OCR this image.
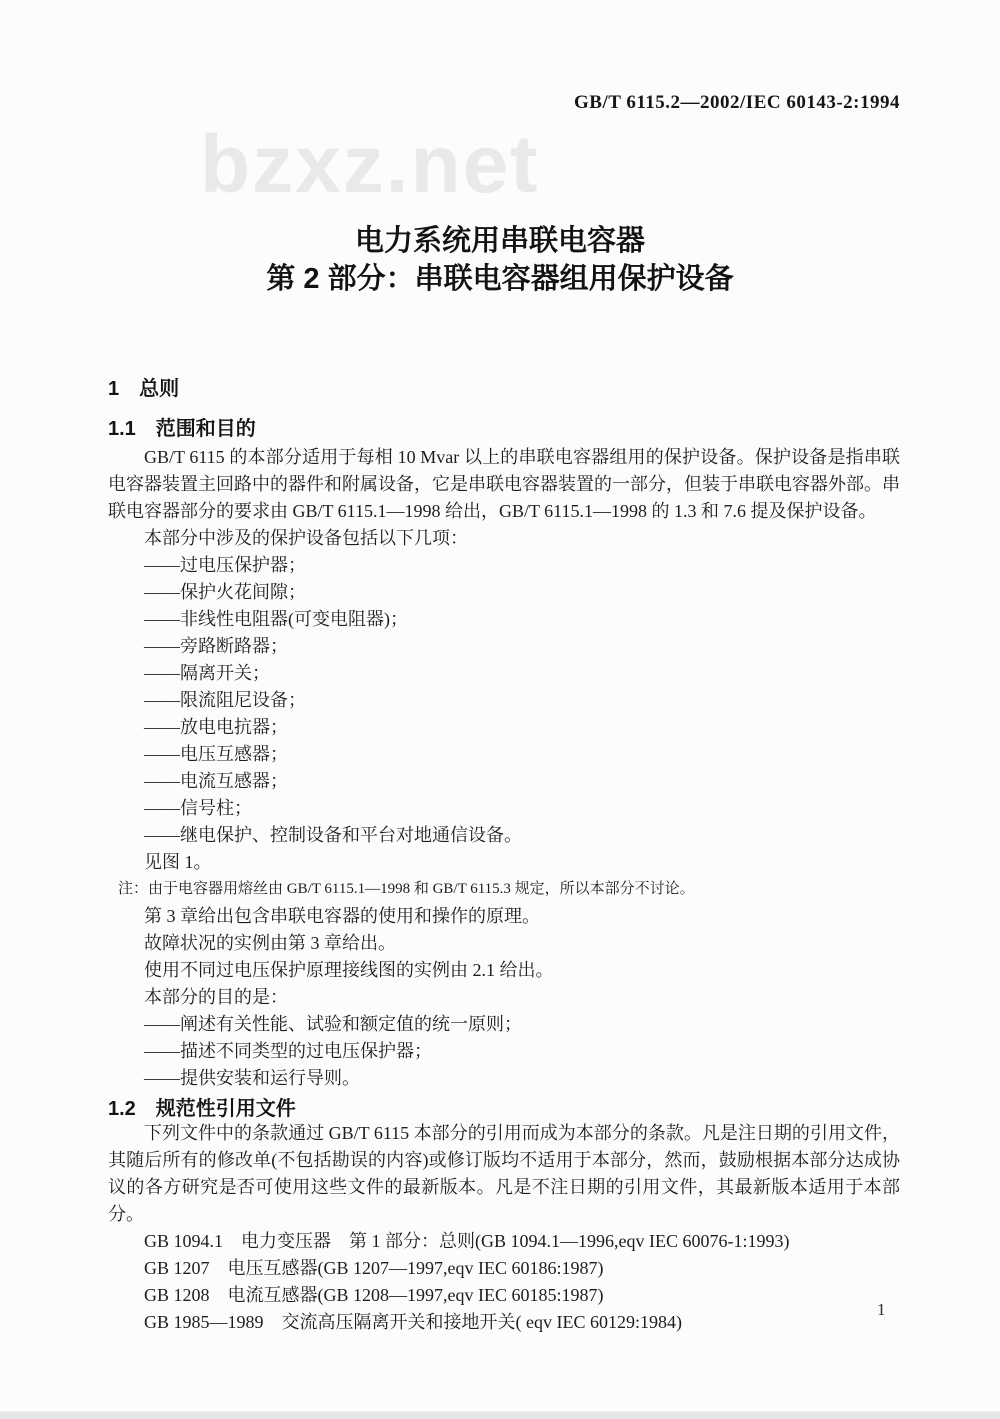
GB/T 6115.2—2002/IEC 60143-2:1994
bzxz.net
电力系统用串联电容器
第 2 部分：串联电容器组用保护设备
1　总则
1.1　范围和目的

GB/T 6115 的本部分适用于每相 10 Mvar 以上的串联电容器组用的保护设备。保护设备是指串联电容器装置主回路中的器件和附属设备，它是串联电容器装置的一部分，但装于串联电容器外部。串联电容器部分的要求由 GB/T 6115.1—1998 给出，GB/T 6115.1—1998 的 1.3 和 7.6 提及保护设备。

本部分中涉及的保护设备包括以下几项：

——过电压保护器；
——保护火花间隙；
——非线性电阻器(可变电阻器)；
——旁路断路器；
——隔离开关；
——限流阻尼设备；
——放电电抗器；
——电压互感器；
——电流互感器；
——信号柱；
——继电保护、控制设备和平台对地通信设备。

见图 1。

注：由于电容器用熔丝由 GB/T 6115.1—1998 和 GB/T 6115.3 规定，所以本部分不讨论。

第 3 章给出包含串联电容器的使用和操作的原理。

故障状况的实例由第 3 章给出。

使用不同过电压保护原理接线图的实例由 2.1 给出。

本部分的目的是：

——阐述有关性能、试验和额定值的统一原则；
——描述不同类型的过电压保护器；
——提供安装和运行导则。
1.2　规范性引用文件

下列文件中的条款通过 GB/T 6115 本部分的引用而成为本部分的条款。凡是注日期的引用文件，其随后所有的修改单(不包括勘误的内容)或修订版均不适用于本部分，然而，鼓励根据本部分达成协议的各方研究是否可使用这些文件的最新版本。凡是不注日期的引用文件，其最新版本适用于本部分。

GB 1094.1　电力变压器　第 1 部分：总则(GB 1094.1—1996,eqv IEC 60076-1:1993)
GB 1207　电压互感器(GB 1207—1997,eqv IEC 60186:1987)
GB 1208　电流互感器(GB 1208—1997,eqv IEC 60185:1987)
GB 1985—1989　交流高压隔离开关和接地开关( eqv IEC 60129:1984)
1
